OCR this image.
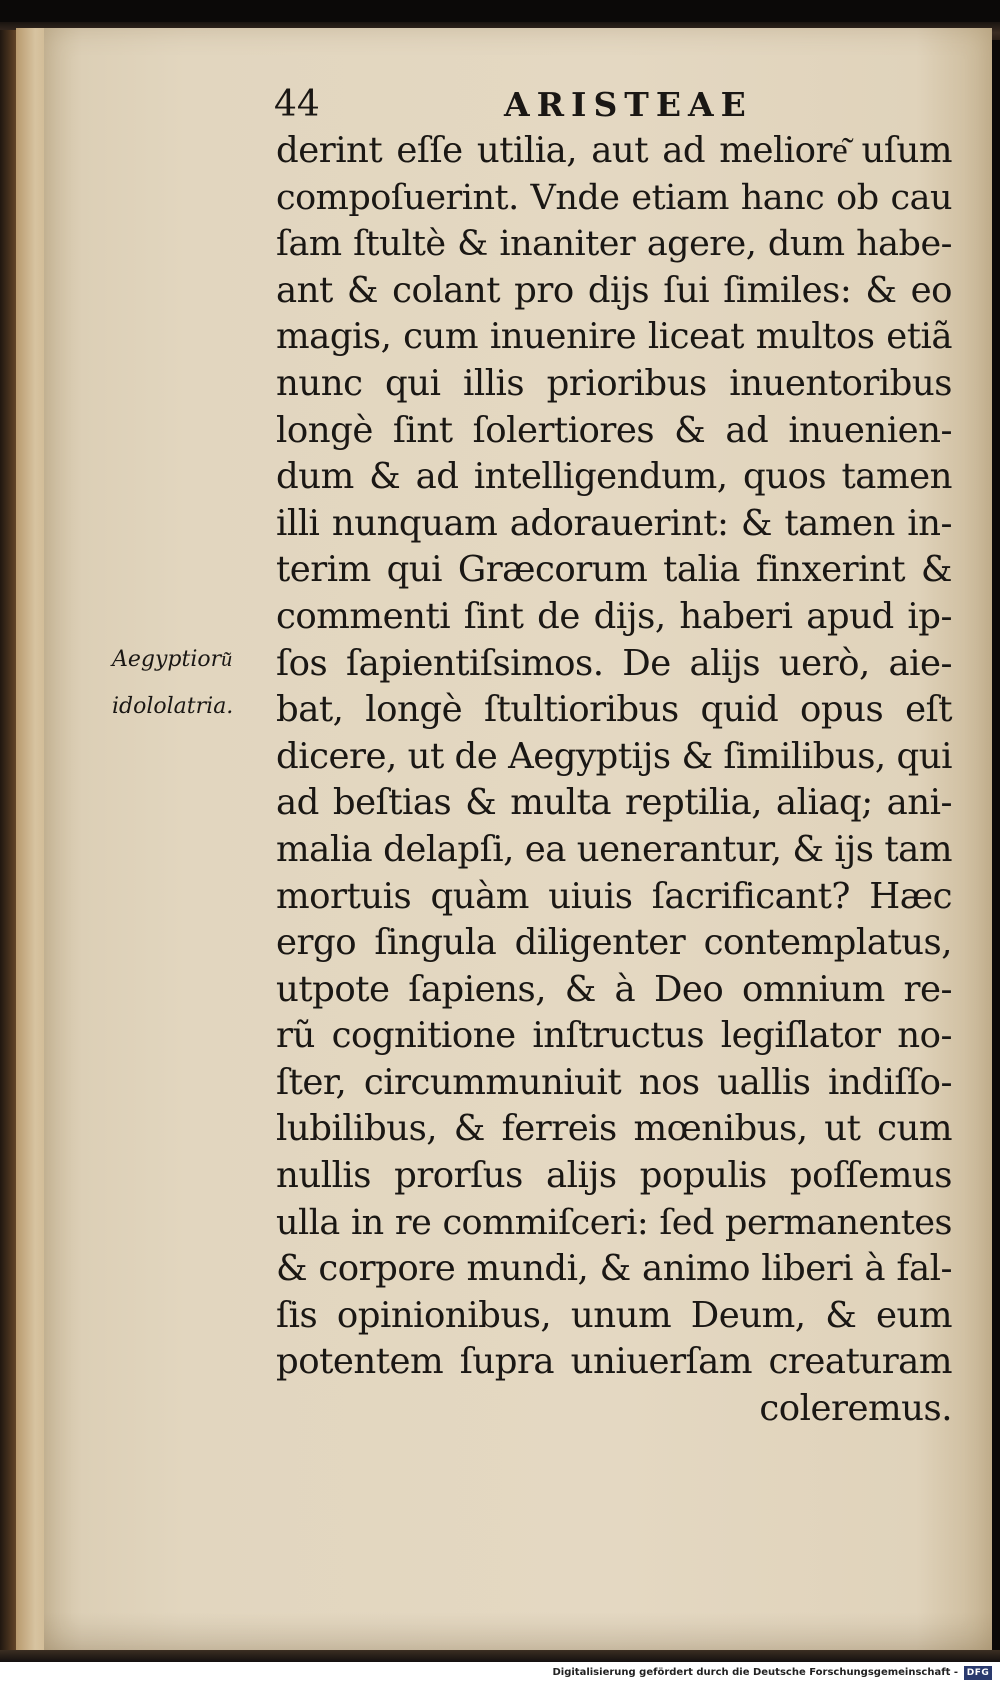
44	ARISTEAE
Aegyptioru͂
idololatria.
derint eſſe utilia, aut ad meliore͂ uſum
compoſuerint. Vnde etiam hanc ob cau
ſam ſtultè & inaniter agere, dum habe-
ant & colant pro dijs ſui ſimiles: & eo
magis, cum inuenire liceat multos etiã
nunc qui illis prioribus inuentoribus
longè ſint ſolertiores & ad inuenien-
dum & ad intelligendum, quos tamen
illi nunquam adorauerint: & tamen in-
terim qui Græcorum talia finxerint &
commenti ſint de dijs, haberi apud ip-
ſos ſapientiſsimos. De alijs uerò, aie-
bat, longè ſtultioribus quid opus eſt
dicere, ut de Aegyptijs & ſimilibus, qui
ad beſtias & multa reptilia, aliaq; ani-
malia delapſi, ea uenerantur, & ijs tam
mortuis quàm uiuis ſacrificant? Hæc
ergo ſingula diligenter contemplatus,
utpote ſapiens, & à Deo omnium re-
rũ cognitione inſtructus legiſlator no-
ſter, circummuniuit nos uallis indiſſo-
lubilibus, & ferreis mœnibus, ut cum
nullis prorſus alijs populis poſſemus
ulla in re commiſceri: ſed permanentes
& corpore mundi, & animo liberi à fal-
ſis opinionibus, unum Deum, & eum
potentem ſupra uniuerſam creaturam
coleremus.
Digitalisierung gefördert durch die Deutsche Forschungsgemeinschaft - DFG
